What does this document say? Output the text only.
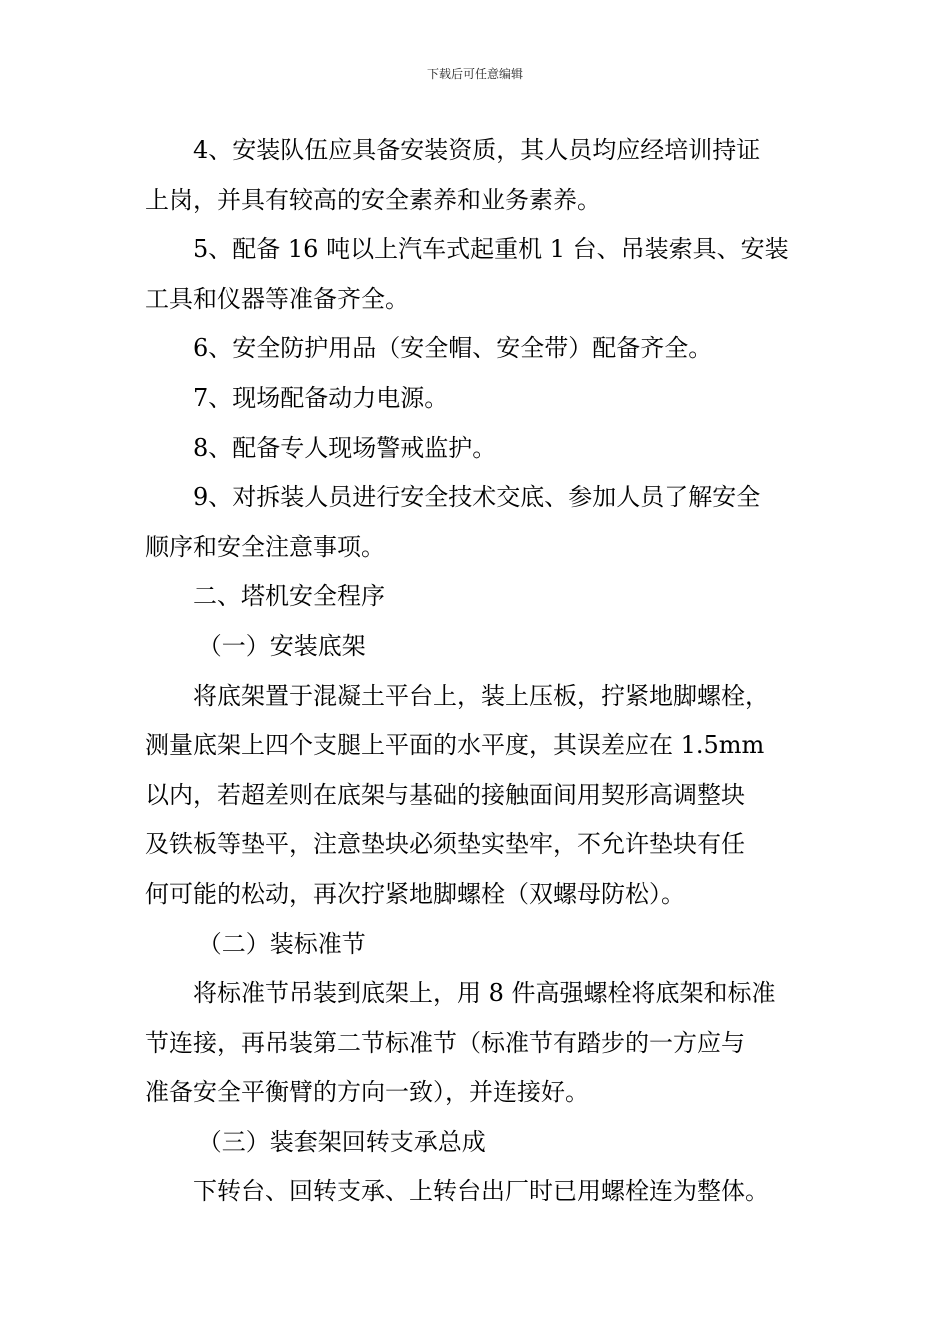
下载后可任意编辑

4、安装队伍应具备安装资质，其人员均应经培训持证

上岗，并具有较高的安全素养和业务素养。

5、配备 16 吨以上汽车式起重机 1 台、吊装索具、安装

工具和仪器等准备齐全。

6、安全防护用品（安全帽、安全带）配备齐全。

7、现场配备动力电源。

8、配备专人现场警戒监护。

9、对拆装人员进行安全技术交底、参加人员了解安全

顺序和安全注意事项。

二、塔机安全程序

（一）安装底架

将底架置于混凝土平台上，装上压板，拧紧地脚螺栓，

测量底架上四个支腿上平面的水平度，其误差应在 1.5mm

以内，若超差则在底架与基础的接触面间用契形高调整块

及铁板等垫平，注意垫块必须垫实垫牢，不允许垫块有任

何可能的松动，再次拧紧地脚螺栓（双螺母防松）。

（二）装标准节

将标准节吊装到底架上，用 8 件高强螺栓将底架和标准

节连接，再吊装第二节标准节（标准节有踏步的一方应与

准备安全平衡臂的方向一致），并连接好。

（三）装套架回转支承总成

下转台、回转支承、上转台出厂时已用螺栓连为整体。
